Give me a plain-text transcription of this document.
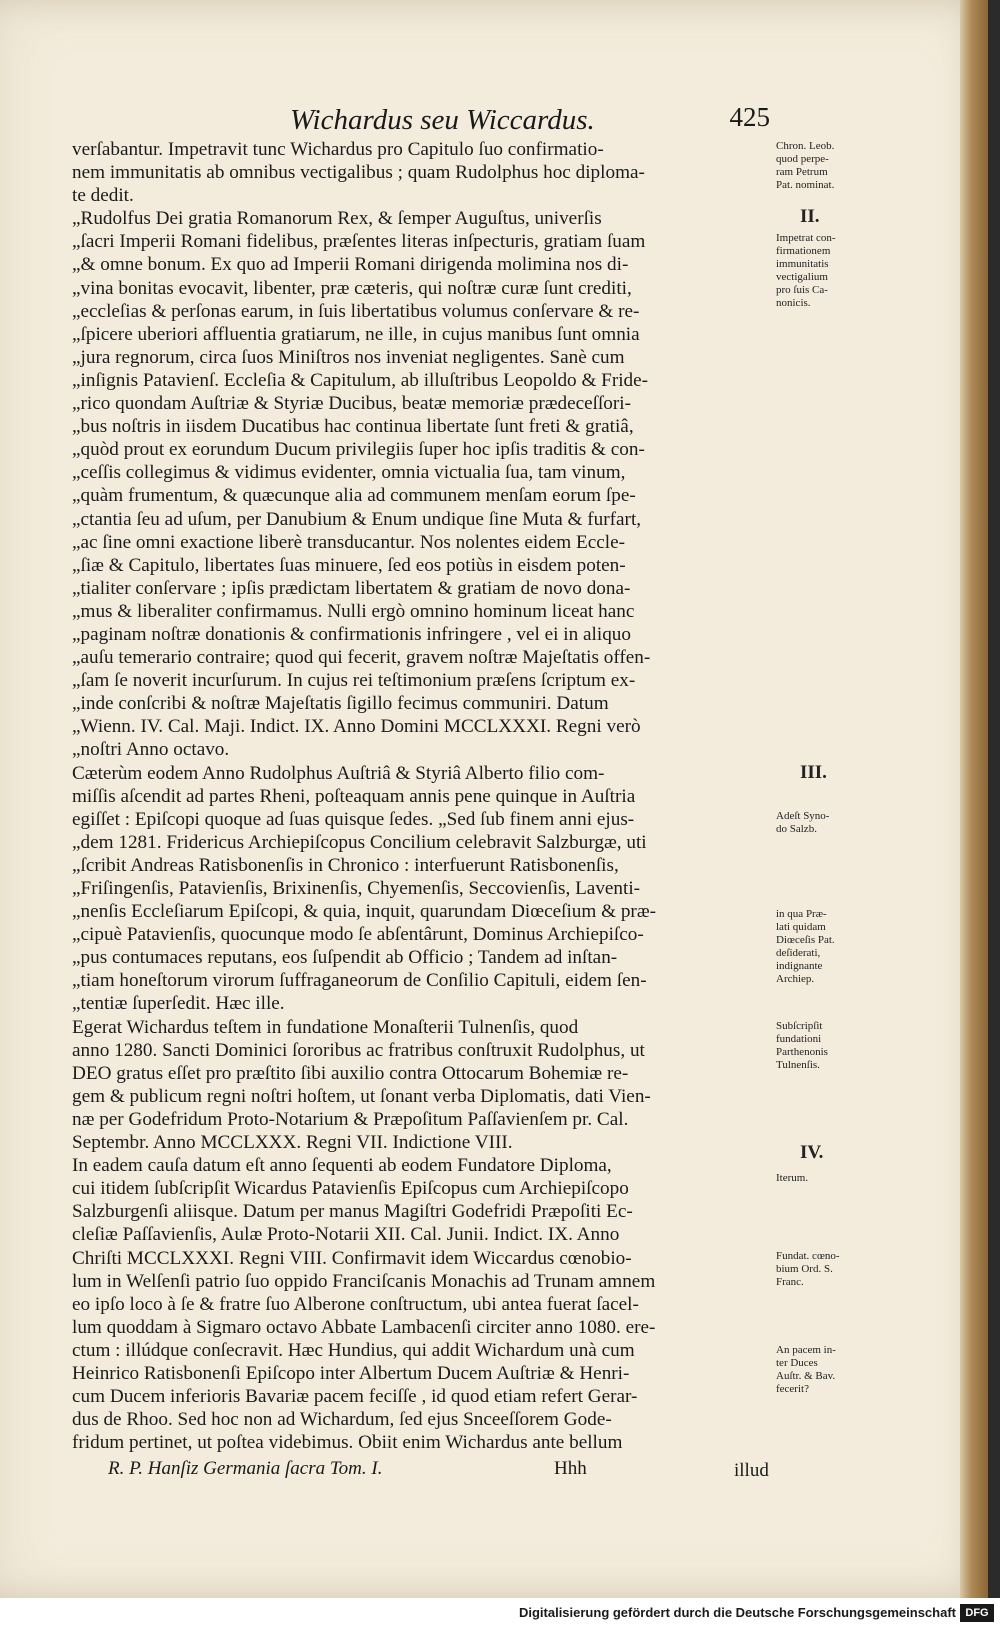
Wichardus seu Wiccardus.	425
verſabantur. Impetravit tunc Wichardus pro Capitulo ſuo confirmatio-
nem immunitatis ab omnibus vectigalibus ; quam Rudolphus hoc diploma-
te dedit.
„Rudolfus Dei gratia Romanorum Rex, & ſemper Auguſtus, univerſis
„ſacri Imperii Romani fidelibus, præſentes literas inſpecturis, gratiam ſuam
„& omne bonum. Ex quo ad Imperii Romani dirigenda molimina nos di-
„vina bonitas evocavit, libenter, præ cæteris, qui noſtræ curæ ſunt crediti,
„eccleſias & perſonas earum, in ſuis libertatibus volumus conſervare & re-
„ſpicere uberiori affluentia gratiarum, ne ille, in cujus manibus ſunt omnia
„jura regnorum, circa ſuos Miniſtros nos inveniat negligentes. Sanè cum
„inſignis Patavienſ. Eccleſia & Capitulum, ab illuſtribus Leopoldo & Fride-
„rico quondam Auſtriæ & Styriæ Ducibus, beatæ memoriæ prædeceſſori-
„bus noſtris in iisdem Ducatibus hac continua libertate ſunt freti & gratiâ,
„quòd prout ex eorundum Ducum privilegiis ſuper hoc ipſis traditis & con-
„ceſſis collegimus & vidimus evidenter, omnia victualia ſua, tam vinum,
„quàm frumentum, & quæcunque alia ad communem menſam eorum ſpe-
„ctantia ſeu ad uſum, per Danubium & Enum undique ſine Muta & furfart,
„ac ſine omni exactione liberè transducantur. Nos nolentes eidem Eccle-
„ſiæ & Capitulo, libertates ſuas minuere, ſed eos potiùs in eisdem poten-
„tialiter conſervare ; ipſis prædictam libertatem & gratiam de novo dona-
„mus & liberaliter confirmamus. Nulli ergò omnino hominum liceat hanc
„paginam noſtræ donationis & confirmationis infringere , vel ei in aliquo
„auſu temerario contraire; quod qui fecerit, gravem noſtræ Majeſtatis offen-
„ſam ſe noverit incurſurum. In cujus rei teſtimonium præſens ſcriptum ex-
„inde conſcribi & noſtræ Majeſtatis ſigillo fecimus communiri. Datum
„Wienn. IV. Cal. Maji. Indict. IX. Anno Domini MCCLXXXI. Regni verò
„noſtri Anno octavo.
Cæterùm eodem Anno Rudolphus Auſtriâ & Styriâ Alberto filio com-
miſſis aſcendit ad partes Rheni, poſteaquam annis pene quinque in Auſtria
egiſſet : Epiſcopi quoque ad ſuas quisque ſedes. „Sed ſub finem anni ejus-
„dem 1281. Fridericus Archiepiſcopus Concilium celebravit Salzburgæ, uti
„ſcribit Andreas Ratisbonenſis in Chronico : interfuerunt Ratisbonenſis,
„Friſingenſis, Patavienſis, Brixinenſis, Chyemenſis, Seccovienſis, Laventi-
„nenſis Eccleſiarum Epiſcopi, & quia, inquit, quarundam Diœceſium & præ-
„cipuè Patavienſis, quocunque modo ſe abſentârunt, Dominus Archiepiſco-
„pus contumaces reputans, eos ſuſpendit ab Officio ; Tandem ad inſtan-
„tiam honeſtorum virorum ſuffraganeorum de Conſilio Capituli, eidem ſen-
„tentiæ ſuperſedit. Hæc ille.
Egerat Wichardus teſtem in fundatione Monaſterii Tulnenſis, quod
anno 1280. Sancti Dominici ſororibus ac fratribus conſtruxit Rudolphus, ut
DEO gratus eſſet pro præſtito ſibi auxilio contra Ottocarum Bohemiæ re-
gem & publicum regni noſtri hoſtem, ut ſonant verba Diplomatis, dati Vien-
næ per Godefridum Proto-Notarium & Præpoſitum Paſſavienſem pr. Cal.
Septembr. Anno MCCLXXX. Regni VII. Indictione VIII.
In eadem cauſa datum eſt anno ſequenti ab eodem Fundatore Diploma,
cui itidem ſubſcripſit Wicardus Patavienſis Epiſcopus cum Archiepiſcopo
Salzburgenſi aliisque. Datum per manus Magiſtri Godefridi Præpoſiti Ec-
cleſiæ Paſſavienſis, Aulæ Proto-Notarii XII. Cal. Junii. Indict. IX. Anno
Chriſti MCCLXXXI. Regni VIII. Confirmavit idem Wiccardus cœnobio-
lum in Welſenſi patrio ſuo oppido Franciſcanis Monachis ad Trunam amnem
eo ipſo loco à ſe & fratre ſuo Alberone conſtructum, ubi antea fuerat ſacel-
lum quoddam à Sigmaro octavo Abbate Lambacenſi circiter anno 1080. ere-
ctum : illúdque conſecravit. Hæc Hundius, qui addit Wichardum unà cum
Heinrico Ratisbonenſi Epiſcopo inter Albertum Ducem Auſtriæ & Henri-
cum Ducem inferioris Bavariæ pacem feciſſe , id quod etiam refert Gerar-
dus de Rhoo. Sed hoc non ad Wichardum, ſed ejus Snceeſſorem Gode-
fridum pertinet, ut poſtea videbimus. Obiit enim Wichardus ante bellum
Chron. Leob.
quod perpe-
ram Petrum
Pat. nominat.
II.
Impetrat con-
firmationem
immunitatis
vectigalium
pro ſuis Ca-
nonicis.
III.
Adeſt Syno-
do Salzb.
in qua Præ-
lati quidam
Diœceſis Pat.
deſiderati,
indignante
Archiep.
Subſcripſit
fundationi
Parthenonis
Tulnenſis.
IV.
Iterum.
Fundat. cœno-
bium Ord. S.
Franc.
An pacem in-
ter Duces
Auſtr. & Bav.
fecerit?
R. P. Hanſiz Germania ſacra Tom. I.	Hhh	illud
Digitalisierung gefördert durch die Deutsche Forschungsgemeinschaft DFG
